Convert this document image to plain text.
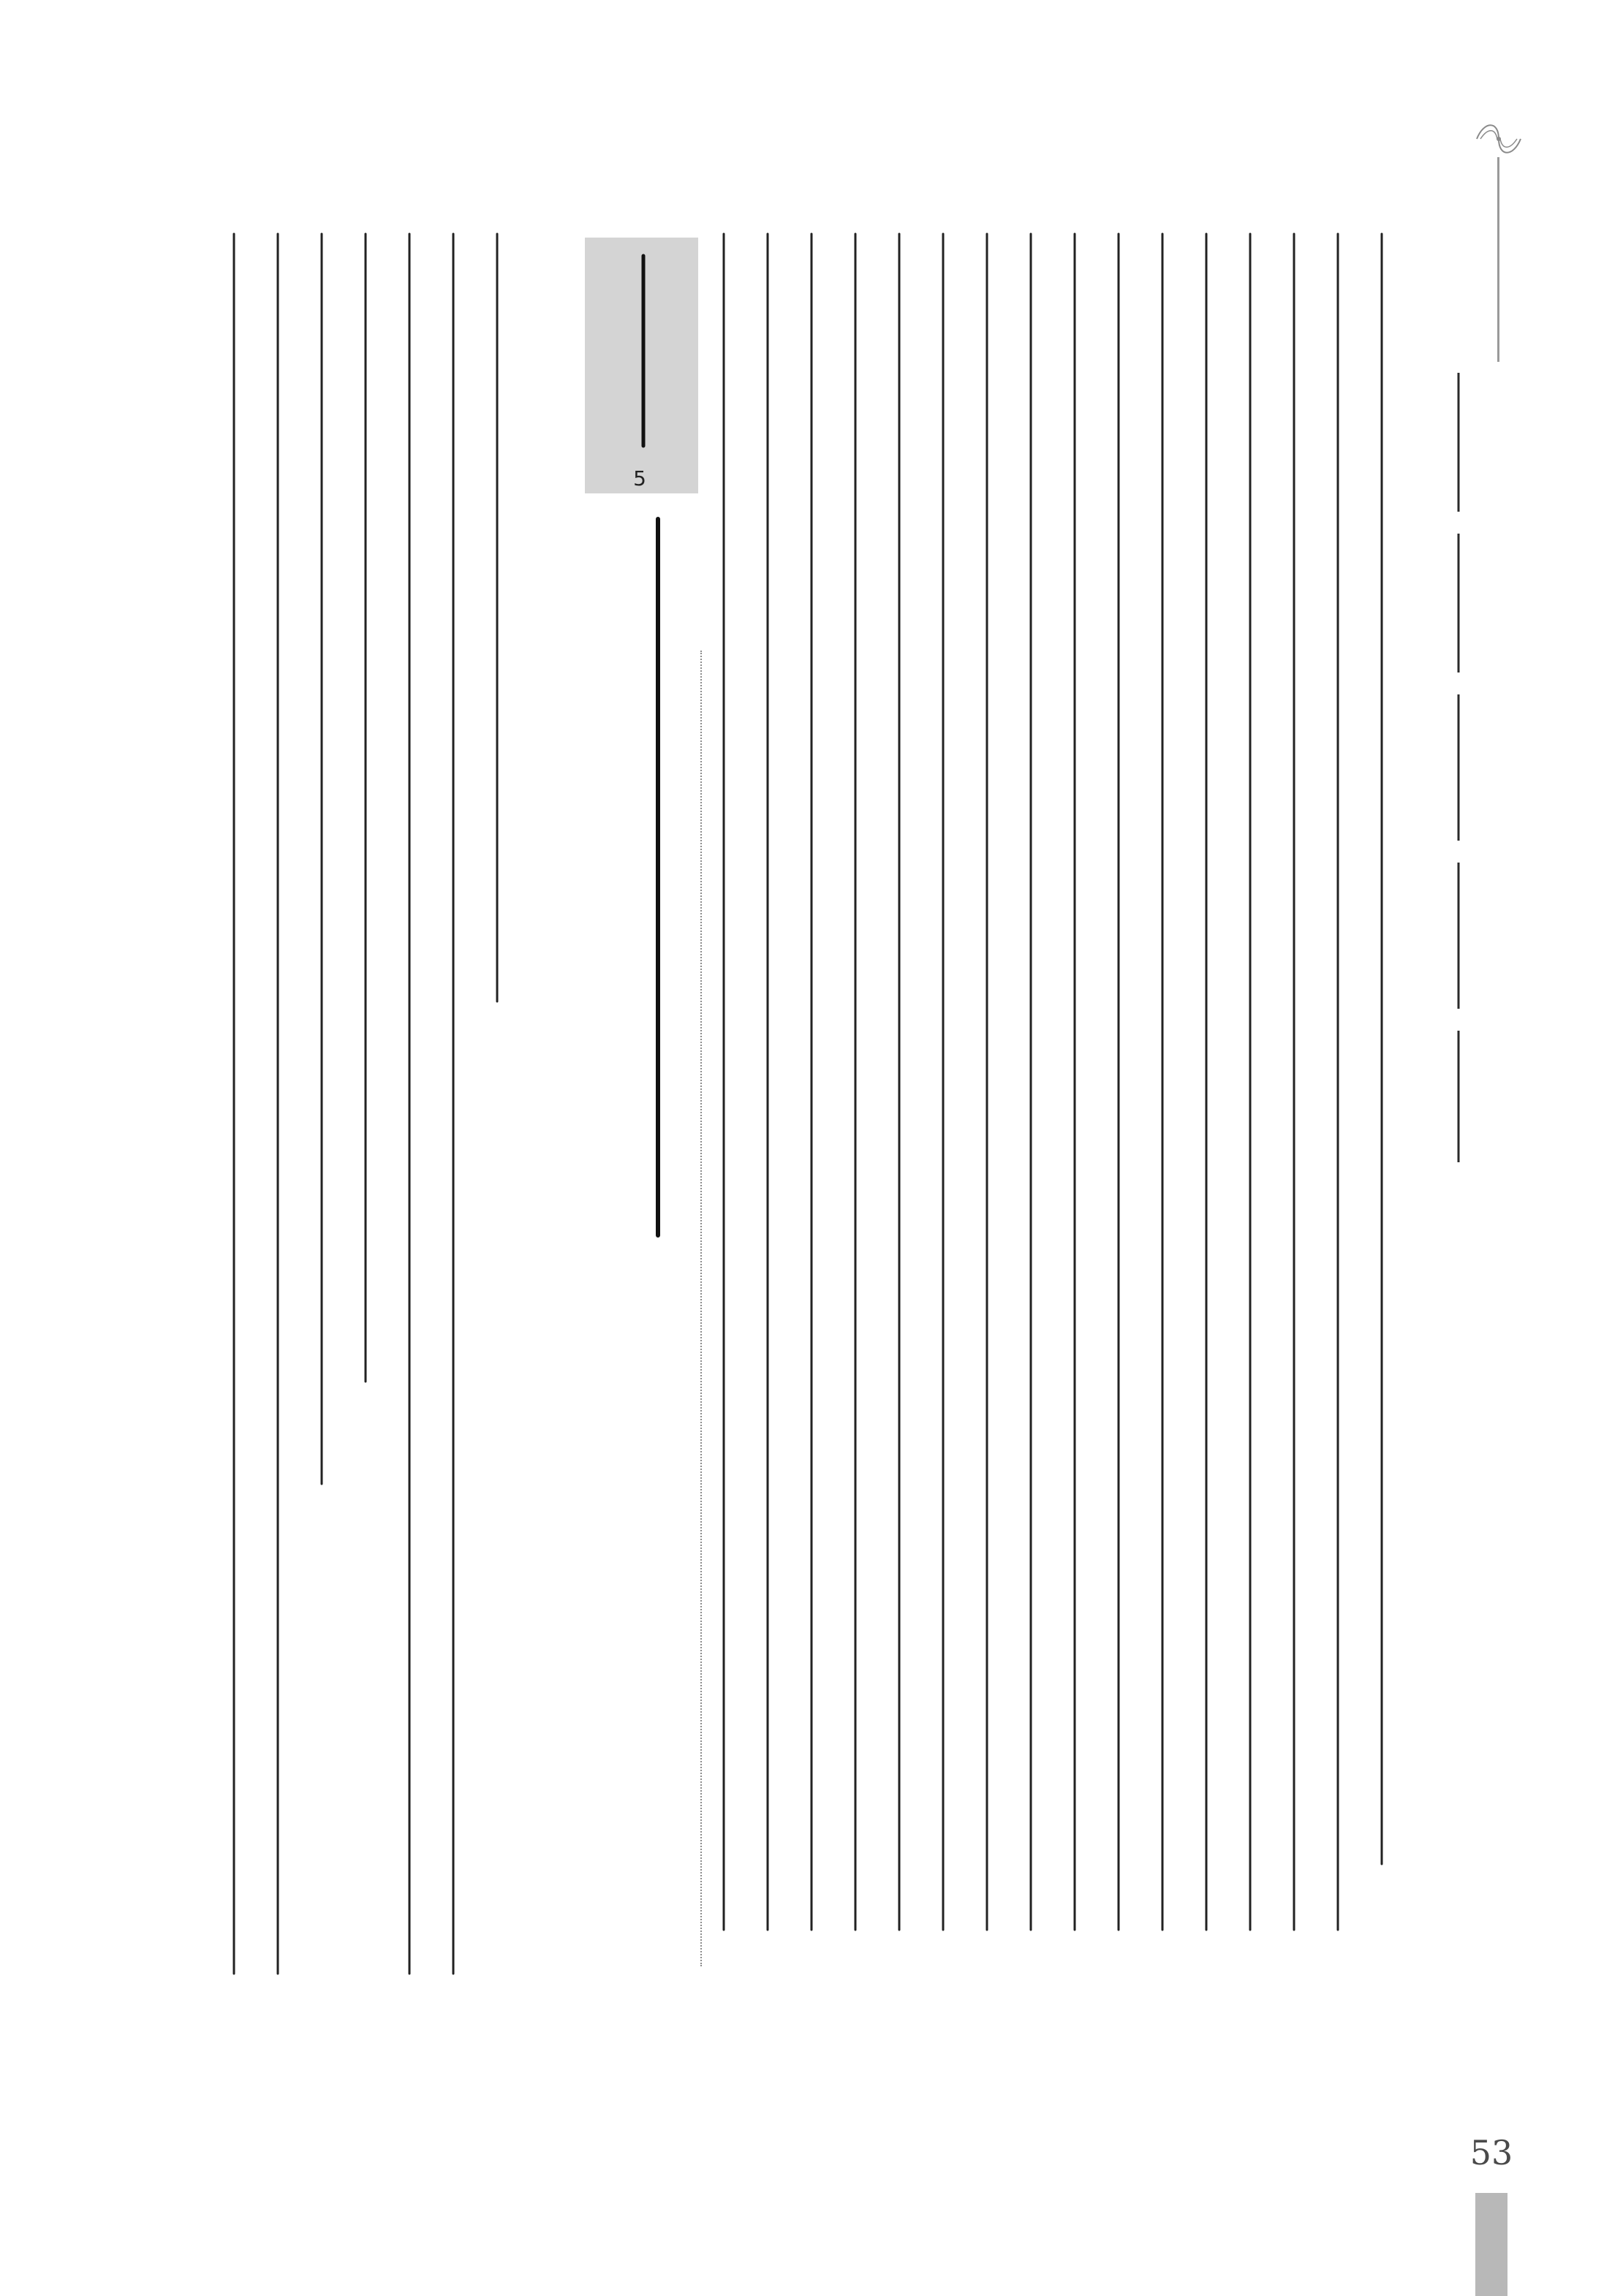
5
53
